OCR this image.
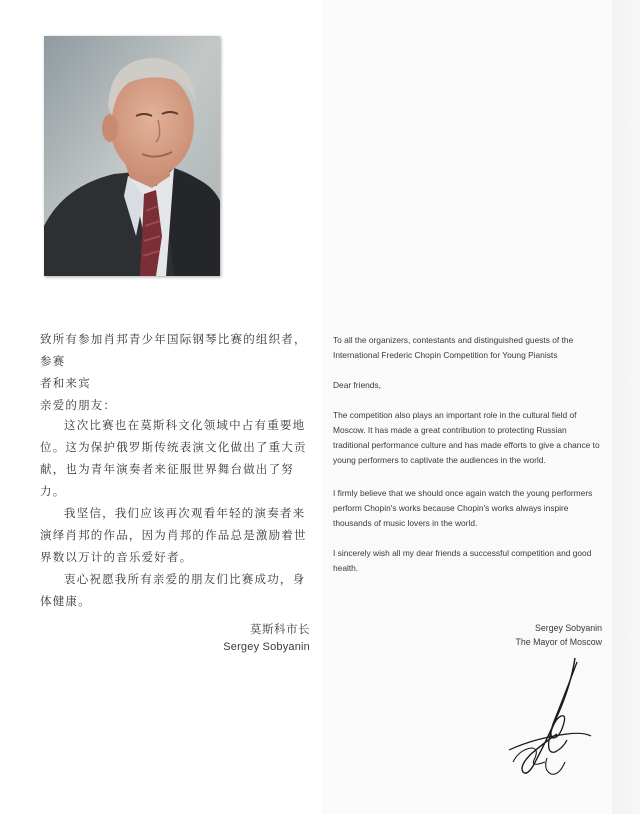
致所有参加肖邦青少年国际钢琴比赛的组织者，参赛

者和来宾

亲爱的朋友：

这次比赛也在莫斯科文化领域中占有重要地位。这为保护俄罗斯传统表演文化做出了重大贡献，也为青年演奏者来征服世界舞台做出了努力。

我坚信，我们应该再次观看年轻的演奏者来演绎肖邦的作品，因为肖邦的作品总是激励着世界数以万计的音乐爱好者。

衷心祝愿我所有亲爱的朋友们比赛成功，身体健康。

莫斯科市长
Sergey Sobyanin

To all the organizers, contestants and distinguished guests of the International Frederic Chopin Competition for Young Pianists

Dear friends,

The competition also plays an important role in the cultural field of Moscow. It has made a great contribution to protecting Russian traditional performance culture and has made efforts to give a chance to young performers to captivate the audiences in the world.

I firmly believe that we should once again watch the young performers perform Chopin's works because Chopin's works always inspire thousands of music lovers in the world.

I sincerely wish all my dear friends a successful competition and good health.

Sergey Sobyanin
The Mayor of Moscow
